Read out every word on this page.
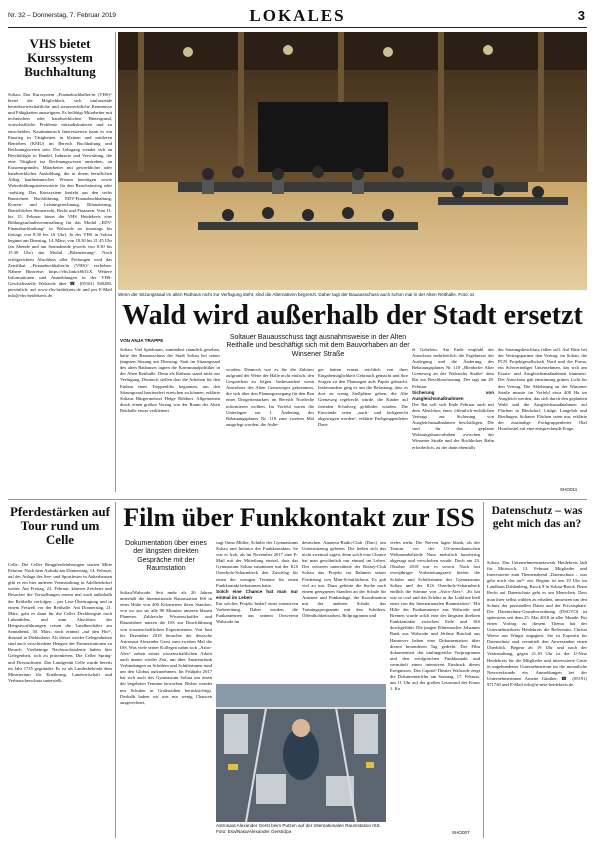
Nr. 32 – Donnerstag, 7. Februar 2019	LOKALES	3
VHS bietet Kurssystem Buchhaltung
Soltau. Das Kurssystem „Finanzbuchhalter/in (VHS)“ bietet die Möglichkeit, sich umfassende betriebswirtschaftliche und steuerrechtliche Kenntnisse und Fähigkeiten anzueignen. Es befähigt Mitarbeiter mit technischen oder handwerklichen Hintergrund, wirtschaftliche Probleme mitzudiskutieren und zu entscheiden. Kaufmännisch Interessierten kann es ein Einstieg in Tätigkeiten in kleinen und mittleren Betrieben (KMU) im Bereich Buchhaltung und Rechnungswesen sein. Der Lehrgang wendet sich an Beschäftigte in Handel, Industrie und Verwaltung, die eine Tätigkeit im Rechnungswesen anstreben, an Existenzgründer, Mitarbeiter mit gewerblicher oder handwerklicher Ausbildung, die in ihrem beruflichen Alltag kaufmännisches Wissen benötigen sowie Weiterbildungsinteressierte für den Berufseinstieg oder -aufstieg. Das Kurssystem besteht aus den sechs Bausteinen Buchführung, EDV-Finanzbuchhaltung, Kosten- und Leistungsrechnung, Bilanzierung, Betriebliches Steuerrecht, Recht und Finanzen. Vom 11. bis 15. Februar bietet die VHS Heidekreis eine Bildungsurlaubsveranstaltung für das Modul „EDV-Finanzbuchhaltung“ in Walsrode an (montags bis freitags von 8.30 bis 16 Uhr). In der VHS in Soltau beginnt am Dienstag, 14. März, von 18.30 bis 21.45 Uhr (an Abende und am Sonnabende jeweils von 8.30 bis 15.30 Uhr) das Modul „Bilanzierung“. Nach erfolgreichem Abschluss aller Prüfungen wird das Zertifikat „Finanzbuchhalter/in (VHS)“ verliehen. Nähere Hinweise: https://vhs.link/zSbTcX. Weitere Informationen und Anmeldungen in der VHS-Geschäftsstelle Walsrode über ☎ (05161) 948280, persönlich, auf www.vhs-heidekreis.de und per E-Mail info@vhs-heidekreis.de.	Wenn der Sitzungssaal im alten Rathaus nicht zur Verfügung steht, sind die Alternativen begrenzt. Daher tagt der Bauausschuss auch schon mal in der Alten Reithalle. Foto: at
Wald wird außerhalb der Stadt ersetzt
VON ANJA TRAPPE	Soltauer Bauausschuss tagt ausnahmsweise in der Alten Reithalle und beschäftigt sich mit dem Bauvorhaben an der Winsener Straße
Soltau. Viel Spielraum, zumindest räumlich gesehen, hatte der Bauausschuss der Stadt Soltau bei seiner jüngsten Sitzung am Dienstag. Statt im Sitzungssaal des alten Rathauses tagten die Kommunalpolitiker in der Alten Reithalle. Denn als Rathaus stand nicht zur Verfügung. Dennoch stellen dort die Arbeiten für den Einbau eines Treppenlifts begonnen, um den Sitzungssaal barrierefrei erreichen zu können, erklärte Soltaus Bürgermeister Helge Röbbert. Allgemeinen durch einen großen Verzug war der Raum der Alten Reithalle etwas verkleinert
worden. Dennoch war es für die Zuhörer aufgrund der Weite der Halle nicht einfach, den Gesprächen zu folgen. Insbesondere wenn Anwohner des Alten Grenzweges gekommen, die sich über den Planungsvorgang für den Bau eines Drogeriemarktes im Bereich Nordeche informieren wollten. Im Vorfeld waren die Unterlagen zur 1. Änderung des Bebauungsplanes Nr. 118 zum zweiten Mal ausgelegt worden, die Anlie-
ger hatten erneut reichlich von ihrer Eingabemöglichkeit Gebrauch gemacht und ihre Sorgen zu den Planungen aufs Papier gebracht. Insbesondere ging es um die Belastung, dass es dort zu wenig Stellplätze geben, die Alte Grenzweg regelrecht würde, die Kinder auf fremden Schulweg gefährdet würden. Die Einwände seien „nach- und fachgerecht abgewogen worden“, erklärte Fachgruppenleiter Dani-
el Gebelein. Am Ende empfahl der Ausschuss mehrheitlich die Ergebnisse der Auslegung und die Änderung des Bebauungsplanes Nr. 118 „Bleidorfer Alter Grenzweg an der Walsroder Straße“ dem Rat zur Beschlussfassung. Der tagt am 28. Februar.
Sicherung von Ausgleichsmaßnahmen
Der Rat soll sich Ende Februar auch mit dem Abschluss eines öffentlich-rechtlichen Vertrags zur Sicherung von Ausgleichsmaßnahmen beschäftigen. Die sind für das geplante Wohnungsbauvorhaben zwischen der Winsener Straße und der Buchholzer Bahn erforderlich, zu der dann ebenfalls
der Satzungsbeschluss fallen soll. Auf Bitte bei der Vertragspartner den Vertrag: im Soltau, die PGN Projektgesellschaft Nord und die Firma, ein Schwerindiger Unternehmen, das sich um Ersatz- und Ausgleichsmaßnahmen kümmert. Der Ausschuss gab einstimmig grünes Licht für den Vertrag. Die Ablehnung an der Winsener Straße musste im Vorfeld etwa 400 Ha im Ausgleich werden, das sich durch den geplanten Wald und die Ausgleichsmaßnahmen auf Flächen in Bleckdorf, Lüdge, Langeloh und Riedingen, Soltauer Flächen seien nur, erklärte der zuständige Fachgruppenleiter Olaf Hornbostel auf eine entsprechende Frage.
SHO011
Pferdestärken auf Tour rund um Celle
Celle. Die Celler Ringpferdefahrungen starten Mitte Februar. Nach dem Auftakt am Donnerstag, 14. Februar, auf der Anlage des See- und Sportfestes in Ankerhausen gibt es ein hier anderen Veranstaltung in Adelheidsdorf weiter. Am Freitag, 22. Februar, können Zeichner und Besucher die Vorstellungen erneut mal auch außerhalb der Reithalle verfolgen – per Live-Übertragung und in einem Festzelt vor der Reithalle. Am Donnerstag, 21. März, geht es dann für die Celler Deckhengste nach Luhmühlen, und zum Abschluss der Hengstvorführungen reisen die Landbeschäler am Sonnabend, 30. März, noch einmal „auf den Hof“, diesmal in Diekholzen. Als dieses wieder Gelegenheiten sind auch verschiedene Hengste der Partnerstationen zu Besuch. Vierbeinige Nachwuchstalente haben hier Gelegenheit, sich zu präsentieren. Die Celler Spring- und Dressurlinien. Das Landgestüt Celle wurde bereits im Jahr 1735 gegründet. Es ist als Landesbehörde dem Ministerium für Ernährung, Landwirtschaft und Verbraucherschutz unterstellt.
Film über Funkkontakt zur ISS
Dokumentation über eines der längsten direkten Gespräche mit der Raumstation
Soltau/Walsrode. Seit mehr als 20 Jahren unterhält die Internationale Raumstation ISS in einer Höhe von 400 Kilometern ihren Standort, von wo aus sie alle 90 Minuten unseren blauen Planeten. Zahlreiche Wissenschaftler und Raumfahrer nutzen die ISS zur Durchführung von wissenschaftlichen Experimenten. Von Juni bis Dezember 2018 besuchte der deutsche Astronaut Alexander Gerst zum zweiten Mal die ISS. Was viele seiner Kollegen nahm sich „Astro-Alex“ neben seiner wissenschaftlichen Arbeit auch immer wieder Zeit, um über Amateurfunk Verbindungen zu Schülern und Schülerinnen rund um den Globus aufzunehmen. Im Frühjahr 2017 hat sich auch das Gymnasium Soltau um einen der begehrten Termine beworben. Bisher wendet nur Schulen in Großstädten berücksichtigt. Deshalb haben wir uns nur wenig Chancen ausgerechnet,
sagt Onno Müller, Schüler des Gymnasiums Soltau und Initiator des Funkkontaktes. So war er froh, als im November 2017 eine E-Mail mit der Mitteilung eintraf, dass das Gymnasium Soltau zusammen mit der IGS Osterholz-Scharmbeck den Zuschlag für einen der wenigen Termine für einen Funkkontakt bekommen hatte.
Solch eine Chance hat man nur einmal im Leben
Ein solches Projekt bedarf einer intensiven Vorbereitung. Daher wurden die Funkantennen aus seinem Ortsverein Walsrode im
deutschen Amateur-Radio-Club (Darc) um Unterstützung gebeten. Die ließen sich das nicht zweimal sagen, denn solch eine Chance hat man gewöhnlich nur einmal im Leben. Des weiteren unterstützte der Rotary-Club Soltau das Projekt im Rahmen seiner Förderung von Mint-Schulfächern. Es gab viel zu tun. Dazu gehörte die Suche nach einem geeigneten Standort an der Schule für Antenne und Funkanlage, die Koordination mit der anderen Schule, das Trainingsprogramm mit den Schülern, Öffentlichkeitsarbeit, Bolprogramm und
vieles mehr. Die Nerven lagen blank, als der Termin vor der US-amerikanischen Weltraumbehörde Nasa mehrfach kurzfristig abgesagt und verschoben wurde. Doch am 23. Oktober 2018 war es soweit. Nach fast zweijähriger Vorbereitungszeit hörten die Schüler und Schülerinnen des Gymnasiums Soltau und der IGS Osterholz-Scharmbeck endlich die Stimme von „Astro-Alex“. „Es hat war so cool und das Erlebte in die Linkliste hieß einer von der Internationalen Raumstation“. Mit Hilfe der Funkamateure aus Walsrode und Bremen wurde solch eine der längsten direkten Funkkontakte zwischen Erde und ISS durchgeführt. Die jungen Filmemacher Johannes Rank aus Walsrode und Jérôme Burchid aus Hannover haben eine Dokumentation über diesen besonderen Tag gedreht. Der Film dokumentiert das umfangreiche Vorprogramm und den erfolgreichen Funkkontakt und vermittelt einen intensiven Eindruck dieses Ereignisses. Das Capitol-Theater Walsrode zeigt die Dokumentarfilm am Sonntag, 17. Februar, um 11 Uhr auf der großen Leinwand des Kinos 1. Ko
SHO007
Astronaut Alexander Gerst beim Putzen auf der Internationalen Raumstation ISS. Foto: Esa/Nasa/Alexander Gerst/dpa
Datenschutz – was geht mich das an?
Soltau. Das Unternehmensnetzwerk Heidekreis lädt für Mittwoch, 13. Februar, Mitglieder und Interessierte zum Themenabend „Datenschutz – was geht mich das an?“ ein. Beginn ist um 19 Uhr im Landhaus Dahlenberg, Brock 8 in Soltau-Brock. Beim Recht auf Datenschutz geht es um Menschen. Dass man ihrer selbst wählen zu erhalten, umsetzen um den Schutz der personellen Daten und der Privatsphäre. Die Datenschutz-Grundverordnung (DSGVO) ist spätestens seit dem 25. Mai 2018 in aller Munde. Für einen Vortrag zu diesem Thema hat der Unternehmerkreis Heidekreis die Referentin, Christa Weese aus Wingst engagiert. Sie ist Expertin für Datenschutz und vermittelt den Anwesenden einen Überblick. Beginn ab 19 Uhr und nach der Veranstaltung, gegen 21.30 Uhr ist der U-Netz Heidekreis für die Mitglieder und interessierte Gäste in ungebundenes Unternehmertum im die monatliche Netzwerkrunde ein. Anmeldungen bei der Unternehmerinnen Arnette Günther, ☎ (05191) 971740 und E-Mail info@u-netz-heidekreis.de.
